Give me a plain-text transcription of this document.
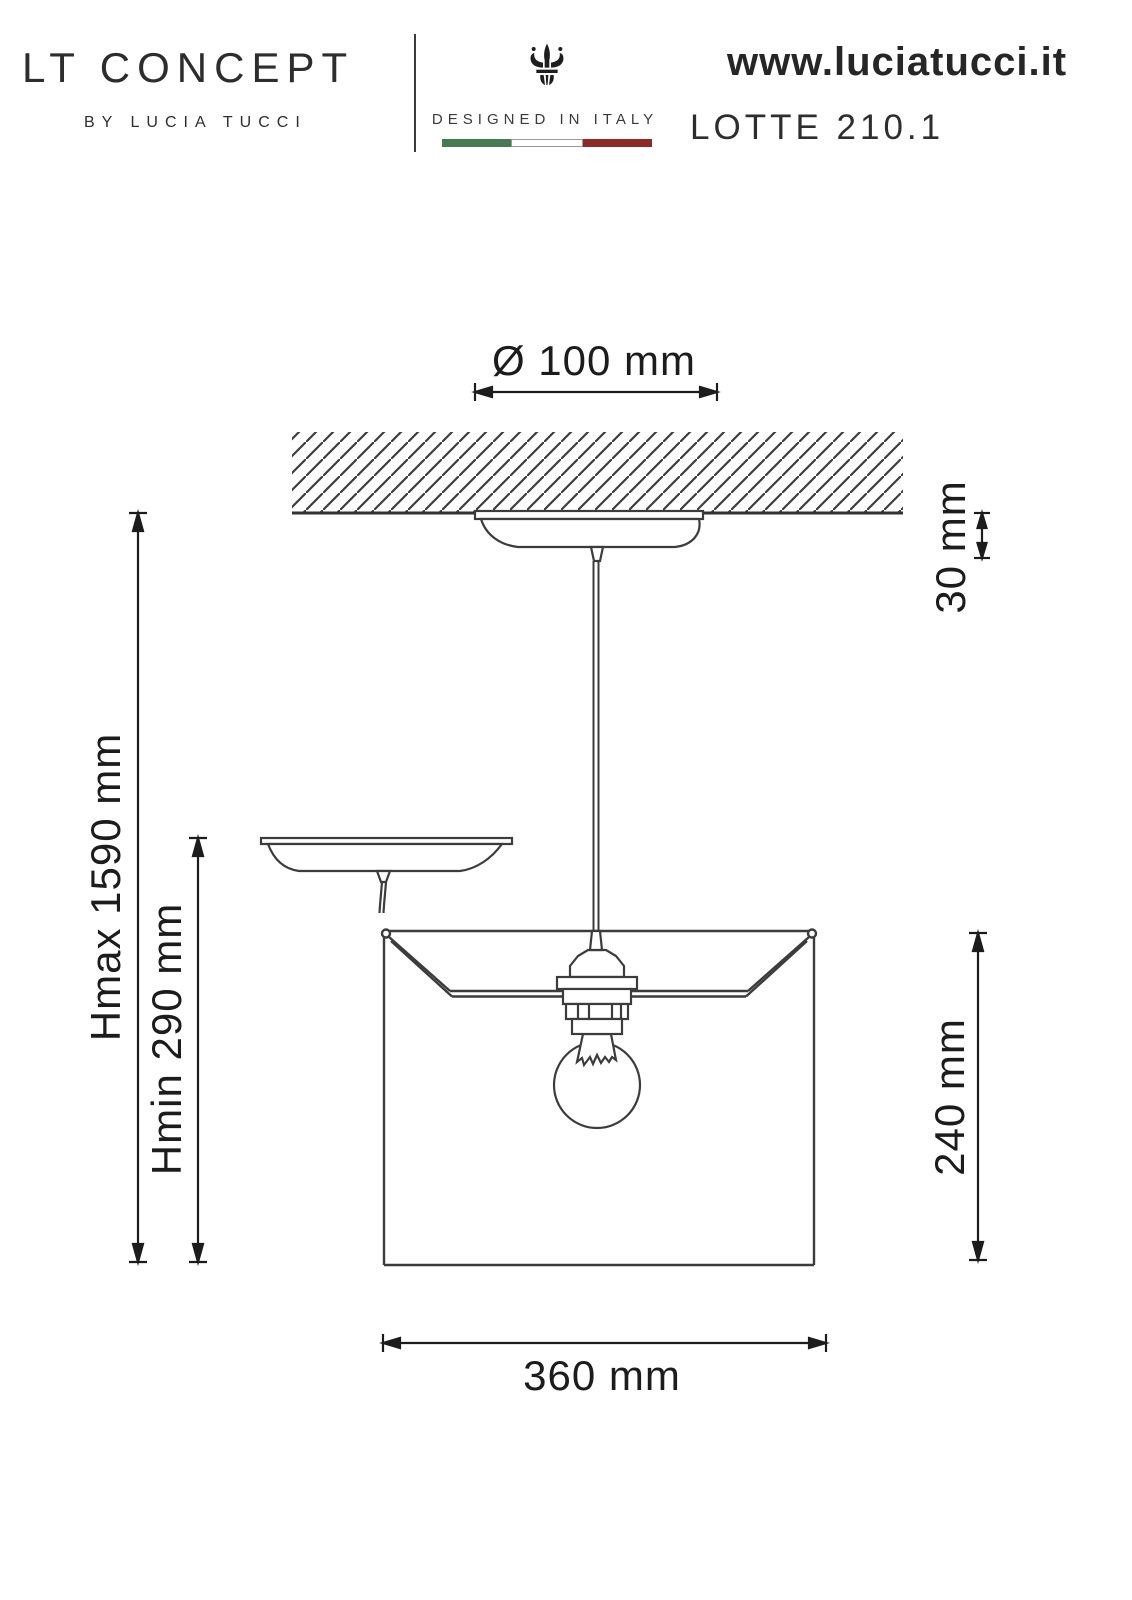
LT CONCEPT
BY LUCIA TUCCI	DESIGNED IN ITALY
www.luciatucci.it
LOTTE 210.1
Ø 100 mm
30 mm
Hmax 1590 mm Hmin 290 mm	240 mm
360 mm
